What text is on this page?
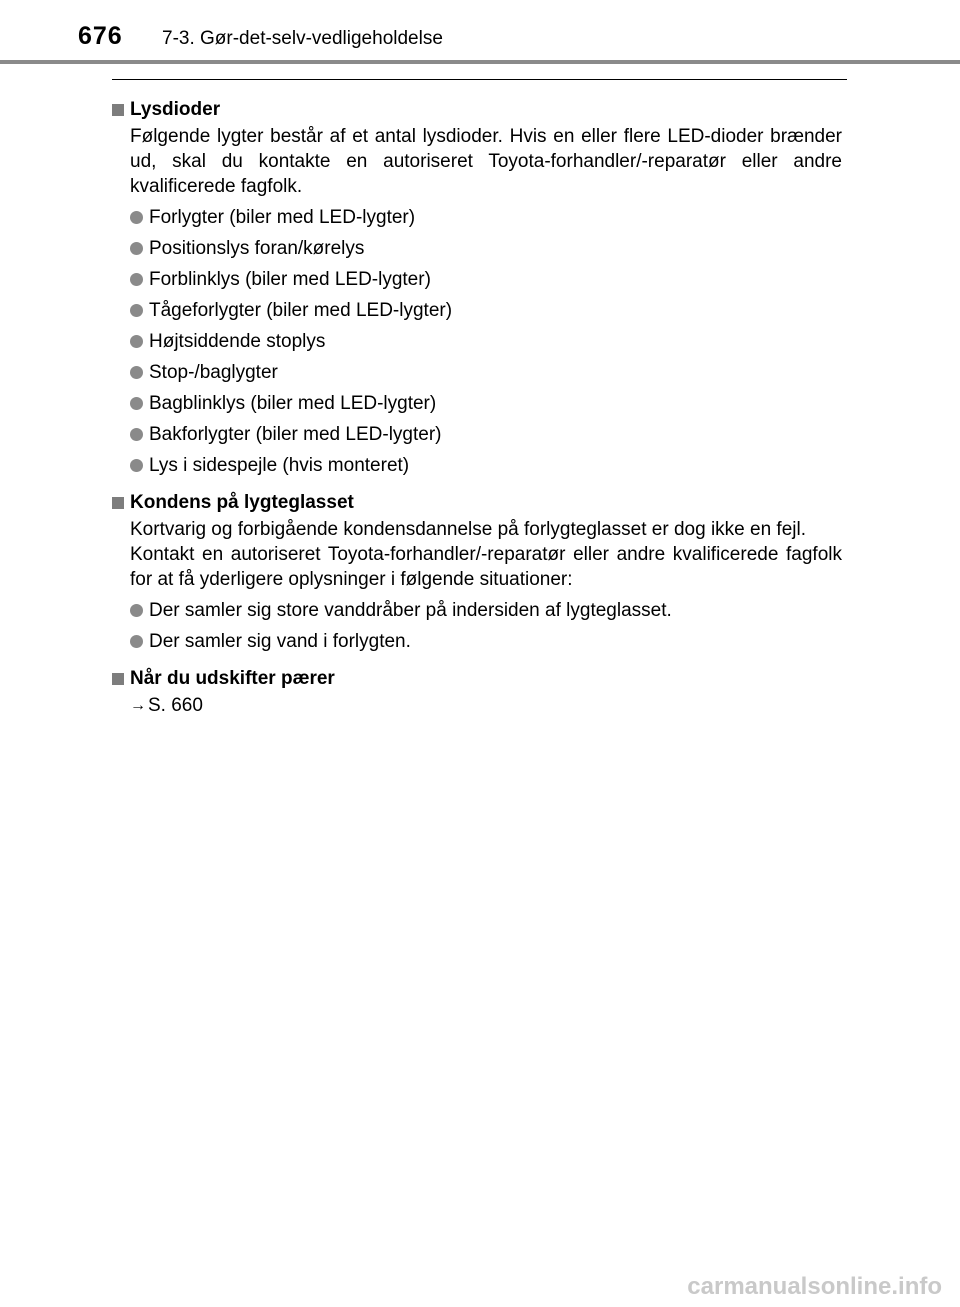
676 7-3. Gør-det-selv-vedligeholdelse
Lysdioder
Følgende lygter består af et antal lysdioder. Hvis en eller flere LED-dioder brænder ud, skal du kontakte en autoriseret Toyota-forhandler/-reparatør eller andre kvalificerede fagfolk.
Forlygter (biler med LED-lygter)
Positionslys foran/kørelys
Forblinklys (biler med LED-lygter)
Tågeforlygter (biler med LED-lygter)
Højtsiddende stoplys
Stop-/baglygter
Bagblinklys (biler med LED-lygter)
Bakforlygter (biler med LED-lygter)
Lys i sidespejle (hvis monteret)
Kondens på lygteglasset
Kortvarig og forbigående kondensdannelse på forlygteglasset er dog ikke en fejl.
Kontakt en autoriseret Toyota-forhandler/-reparatør eller andre kvalificerede fagfolk for at få yderligere oplysninger i følgende situationer:
Der samler sig store vanddråber på indersiden af lygteglasset.
Der samler sig vand i forlygten.
Når du udskifter pærer
→ S. 660
carmanualsonline.info
